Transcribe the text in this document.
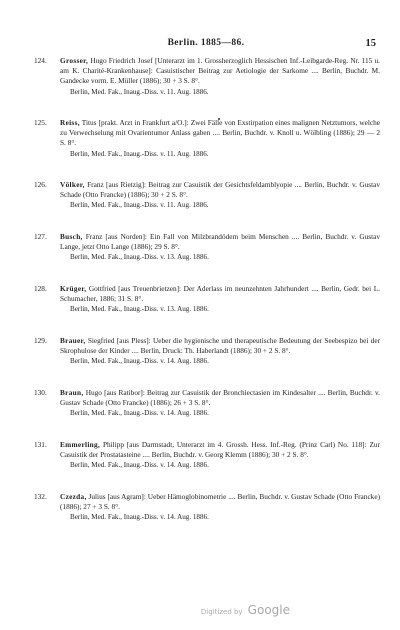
Berlin. 1885—86.	15
124. Grosser, Hugo Friedrich Josef [Unterarzt im 1. Grossherzoglich Hessischen Inf.-Leibgarde-Reg. Nr. 115 u. am K. Charité-Krankenhause]: Casuistischer Beitrag zur Aetiologie der Sarkome .... Berlin, Buchdr. M. Gandecke vorm. E. Müller (1886); 30 + 3 S. 8°.

Berlin, Med. Fak., Inaug.-Diss. v. 11. Aug. 1886.
125. Reiss, Titus [prakt. Arzt in Frankfurt a/O.]: Zwei Fälle von Exstirpation eines malignen Netztumors, welche zu Verwechselung mit Ovarientumor Anlass gaben .... Berlin, Buchdr. v. Knoll u. Wölbling (1886); 29 — 2 S. 8°.

Berlin, Med. Fak., Inaug.-Diss. v. 11. Aug. 1886.
126. Völker, Franz [aus Rietzig]: Beitrag zur Casuistik der Gesichtsfeldamblyopie .... Berlin, Buchdr. v. Gustav Schade (Otto Francke) (1886); 30 + 2 S. 8°.

Berlin, Med. Fak., Inaug.-Diss. v. 11. Aug. 1886.
127. Busch, Franz [aus Norden]: Ein Fall von Milzbrandödem beim Menschen .... Berlin, Buchdr. v. Gustav Lange, jetzt Otto Lange (1886); 29 S. 8°.

Berlin, Med. Fak., Inaug.-Diss. v. 13. Aug. 1886.
128. Krüger, Gottfried [aus Treuenbrietzen]: Der Aderlass im neunzehnten Jahrhundert .... Berlin, Gedr. bei L. Schumacher, 1886; 31 S. 8°.

Berlin, Med. Fak., Inaug.-Diss. v. 13. Aug. 1886.
129. Brauer, Siegfried [aus Pless]: Ueber die hygienische und therapeutische Bedeutung der Seebespizo bei der Skrophulose der Kinder .... Berlin, Druck: Th. Haberlandt (1886); 30 + 2 S. 8°.

Berlin, Med. Fak., Inaug.-Diss. v. 14. Aug. 1886.
130. Braun, Hugo [aus Ratibor]: Beitrag zur Casuistik der Bronchiectasien im Kindesalter .... Berlin, Buchdr. v. Gustav Schade (Otto Francke) (1886); 26 + 3 S. 8°.

Berlin, Med. Fak., Inaug.-Diss. v. 14. Aug. 1886.
131. Emmerling, Philipp [aus Darmstadt, Unterarzt im 4. Grossh. Hess. Inf.-Reg. (Prinz Carl) No. 118]: Zur Casuistik der Prostatasteine .... Berlin, Buchdr. v. Georg Klemm (1886); 30 + 2 S. 8°.

Berlin, Med. Fak., Inaug.-Diss. v. 14. Aug. 1886.
132. Czezda, Julius [aus Agram]: Ueber Hämoglobinometrie .... Berlin, Buchdr. v. Gustav Schade (Otto Francke) (1886); 27 + 3 S. 8°.

Berlin, Med. Fak., Inaug.-Diss. v. 14. Aug. 1886.
Digitized by Google
